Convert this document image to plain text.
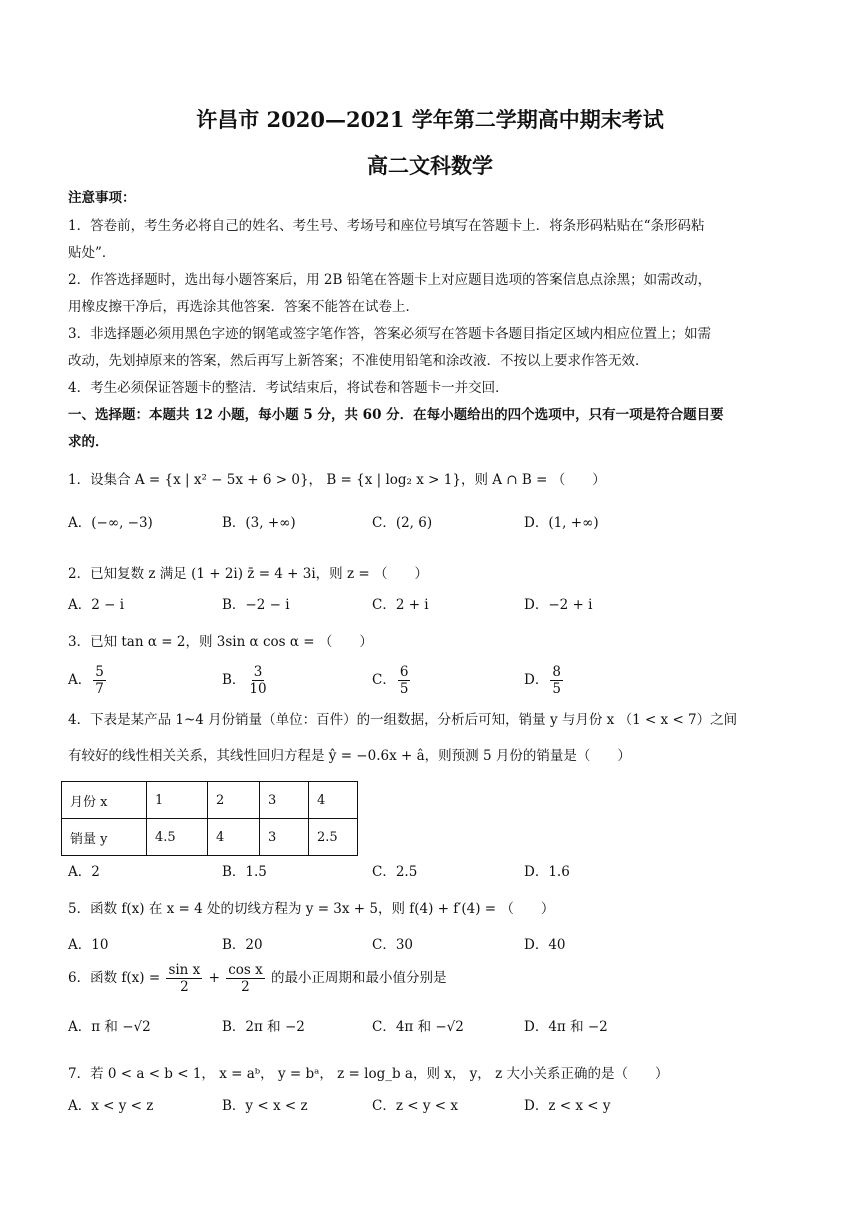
许昌市 2020—2021 学年第二学期高中期末考试
高二文科数学
注意事项：
1．答卷前，考生务必将自己的姓名、考生号、考场号和座位号填写在答题卡上．将条形码粘贴在“条形码粘
贴处”．
2．作答选择题时，选出每小题答案后，用 2B 铅笔在答题卡上对应题目选项的答案信息点涂黑；如需改动，
用橡皮擦干净后，再选涂其他答案．答案不能答在试卷上．
3．非选择题必须用黑色字迹的钢笔或签字笔作答，答案必须写在答题卡各题目指定区域内相应位置上；如需
改动，先划掉原来的答案，然后再写上新答案；不准使用铅笔和涂改液．不按以上要求作答无效．
4．考生必须保证答题卡的整洁．考试结束后，将试卷和答题卡一并交回．
一、选择题：本题共 12 小题，每小题 5 分，共 60 分．在每小题给出的四个选项中，只有一项是符合题目要
求的．
1．设集合 A = {x | x² − 5x + 6 > 0}， B = {x | log₂ x > 1}，则 A ∩ B = （　　）
A．(−∞, −3)	B．(3, +∞)	C．(2, 6)	D．(1, +∞)
2．已知复数 z 满足 (1 + 2i) z̄ = 4 + 3i，则 z = （　　）
A．2 − i	B．−2 − i	C．2 + i	D．−2 + i
3．已知 tan α = 2，则 3sin α cos α = （　　）
A． $\frac{5}{7}$	B． $\frac{3}{10}$	C． $\frac{6}{5}$	D． $\frac{8}{5}$
4．下表是某产品 1~4 月份销量（单位：百件）的一组数据，分析后可知，销量 y 与月份 x （1 < x < 7）之间
有较好的线性相关关系，其线性回归方程是 ŷ = −0.6x + â，则预测 5 月份的销量是（　　）
月份 x	1	2	3	4
销量 y	4.5	4	3	2.5
A．2	B．1.5	C．2.5	D．1.6
5．函数 f(x) 在 x = 4 处的切线方程为 y = 3x + 5，则 f(4) + f′(4) = （　　）
A．10	B．20	C．30	D．40
6．函数 $f(x) = \frac{\text{sin x}}{2} + \frac{\text{cos x}}{2}$ 的最小正周期和最小值分别是
A．π 和 −√2	B．2π 和 −2	C．4π 和 −√2	D．4π 和 −2
7．若 0 < a < b < 1， x = aᵇ， y = bᵃ， z = log_b a，则 x， y， z 大小关系正确的是（　　）
A．x < y < z	B．y < x < z	C．z < y < x	D．z < x < y
